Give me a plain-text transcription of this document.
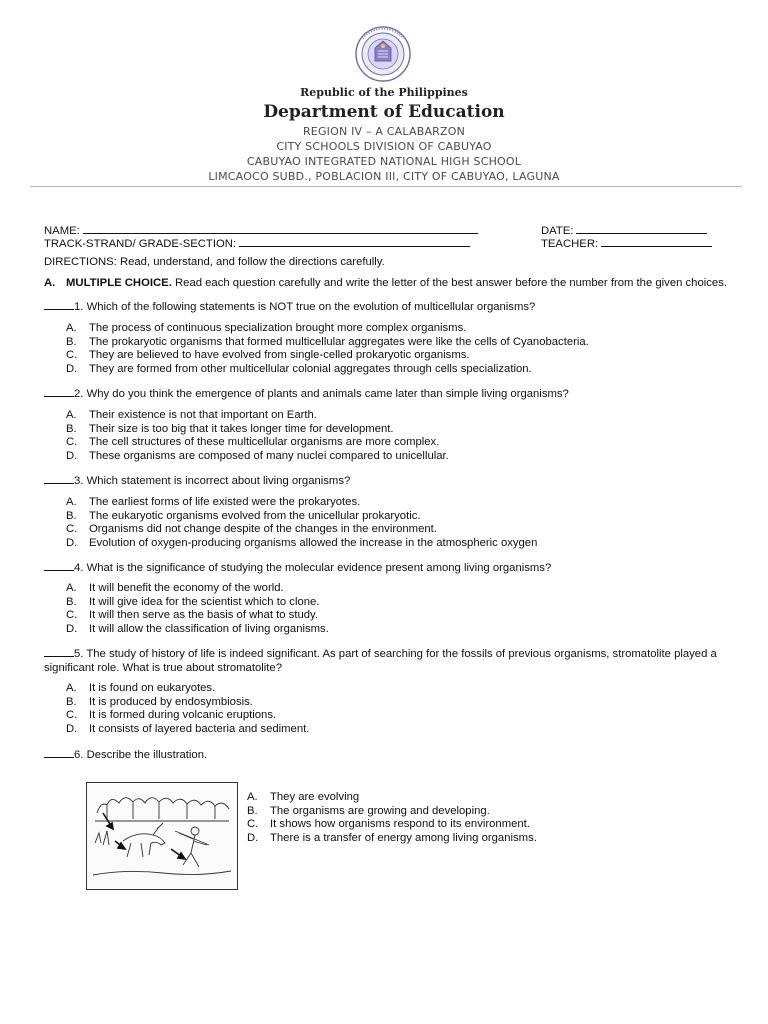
Republic of the Philippines
Department of Education
REGION IV – A CALABARZON
CITY SCHOOLS DIVISION OF CABUYAO
CABUYAO INTEGRATED NATIONAL HIGH SCHOOL
LIMCAOCO SUBD., POBLACION III, CITY OF CABUYAO, LAGUNA
NAME:
TRACK-STRAND/ GRADE-SECTION:
DATE:
TEACHER:
DIRECTIONS: Read, understand, and follow the directions carefully.
A. MULTIPLE CHOICE. Read each question carefully and write the letter of the best answer before the number from the given choices.
1. Which of the following statements is NOT true on the evolution of multicellular organisms?
A. The process of continuous specialization brought more complex organisms.
B. The prokaryotic organisms that formed multicellular aggregates were like the cells of Cyanobacteria.
C. They are believed to have evolved from single-celled prokaryotic organisms.
D. They are formed from other multicellular colonial aggregates through cells specialization.
2. Why do you think the emergence of plants and animals came later than simple living organisms?
A. Their existence is not that important on Earth.
B. Their size is too big that it takes longer time for development.
C. The cell structures of these multicellular organisms are more complex.
D. These organisms are composed of many nuclei compared to unicellular.
3. Which statement is incorrect about living organisms?
A. The earliest forms of life existed were the prokaryotes.
B. The eukaryotic organisms evolved from the unicellular prokaryotic.
C. Organisms did not change despite of the changes in the environment.
D. Evolution of oxygen-producing organisms allowed the increase in the atmospheric oxygen
4. What is the significance of studying the molecular evidence present among living organisms?
A. It will benefit the economy of the world.
B. It will give idea for the scientist which to clone.
C. It will then serve as the basis of what to study.
D. It will allow the classification of living organisms.
5. The study of history of life is indeed significant. As part of searching for the fossils of previous organisms, stromatolite played a significant role. What is true about stromatolite?
A. It is found on eukaryotes.
B. It is produced by endosymbiosis.
C. It is formed during volcanic eruptions.
D. It consists of layered bacteria and sediment.
6. Describe the illustration.
A. They are evolving
B. The organisms are growing and developing.
C. It shows how organisms respond to its environment.
D. There is a transfer of energy among living organisms.
